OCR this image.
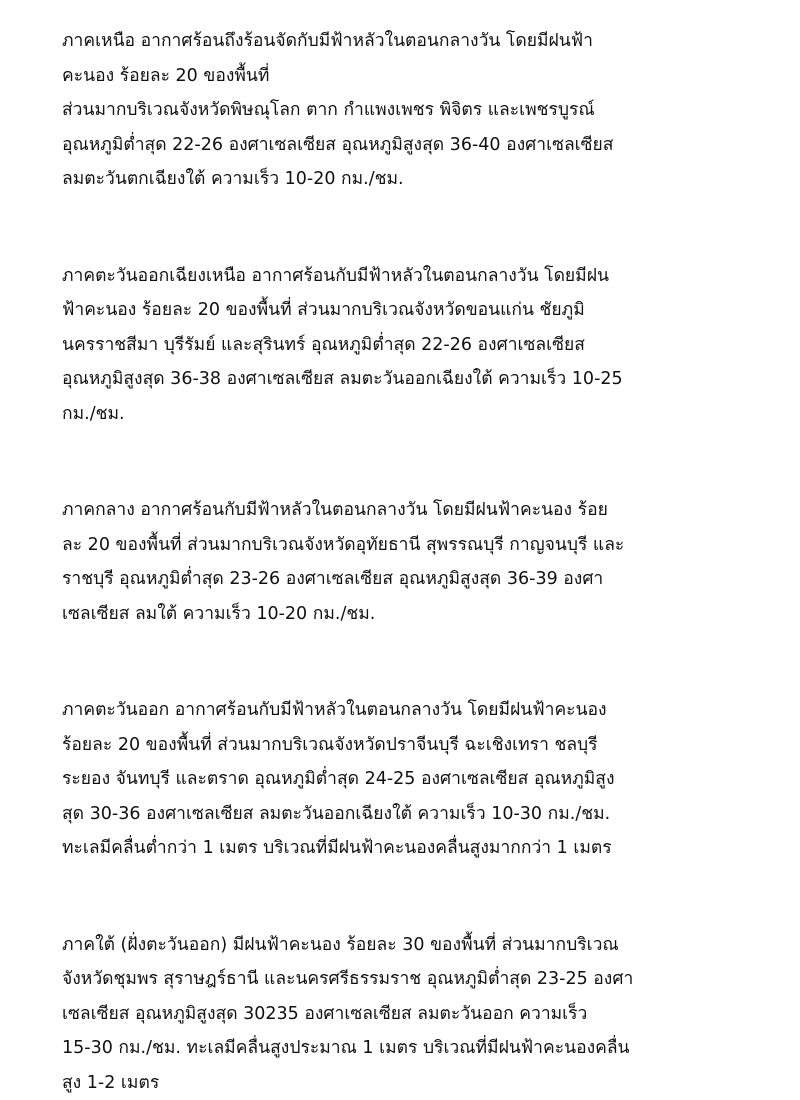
ภาคเหนือ อากาศร้อนถึงร้อนจัดกับมีฟ้าหลัวในตอนกลางวัน โดยมีฝนฟ้า
คะนอง ร้อยละ 20 ของพื้นที่
ส่วนมากบริเวณจังหวัดพิษณุโลก ตาก กำแพงเพชร พิจิตร และเพชรบูรณ์
อุณหภูมิต่ำสุด 22-26 องศาเซลเซียส อุณหภูมิสูงสุด 36-40 องศาเซลเซียส
ลมตะวันตกเฉียงใต้ ความเร็ว 10-20 กม./ชม.

ภาคตะวันออกเฉียงเหนือ อากาศร้อนกับมีฟ้าหลัวในตอนกลางวัน โดยมีฝน
ฟ้าคะนอง ร้อยละ 20 ของพื้นที่ ส่วนมากบริเวณจังหวัดขอนแก่น ชัยภูมิ
นครราชสีมา บุรีรัมย์ และสุรินทร์ อุณหภูมิต่ำสุด 22-26 องศาเซลเซียส
อุณหภูมิสูงสุด 36-38 องศาเซลเซียส ลมตะวันออกเฉียงใต้ ความเร็ว 10-25
กม./ชม.

ภาคกลาง อากาศร้อนกับมีฟ้าหลัวในตอนกลางวัน โดยมีฝนฟ้าคะนอง ร้อย
ละ 20 ของพื้นที่ ส่วนมากบริเวณจังหวัดอุทัยธานี สุพรรณบุรี กาญจนบุรี และ
ราชบุรี อุณหภูมิต่ำสุด 23-26 องศาเซลเซียส อุณหภูมิสูงสุด 36-39 องศา
เซลเซียส ลมใต้ ความเร็ว 10-20 กม./ชม.

ภาคตะวันออก อากาศร้อนกับมีฟ้าหลัวในตอนกลางวัน โดยมีฝนฟ้าคะนอง
ร้อยละ 20 ของพื้นที่ ส่วนมากบริเวณจังหวัดปราจีนบุรี ฉะเชิงเทรา ชลบุรี
ระยอง จันทบุรี และตราด อุณหภูมิต่ำสุด 24-25 องศาเซลเซียส อุณหภูมิสูง
สุด 30-36 องศาเซลเซียส ลมตะวันออกเฉียงใต้ ความเร็ว 10-30 กม./ชม.
ทะเลมีคลื่นต่ำกว่า 1 เมตร บริเวณที่มีฝนฟ้าคะนองคลื่นสูงมากกว่า 1 เมตร

ภาคใต้ (ฝั่งตะวันออก) มีฝนฟ้าคะนอง ร้อยละ 30 ของพื้นที่ ส่วนมากบริเวณ
จังหวัดชุมพร สุราษฎร์ธานี และนครศรีธรรมราช อุณหภูมิต่ำสุด 23-25 องศา
เซลเซียส อุณหภูมิสูงสุด 30235 องศาเซลเซียส ลมตะวันออก ความเร็ว
15-30 กม./ชม. ทะเลมีคลื่นสูงประมาณ 1 เมตร บริเวณที่มีฝนฟ้าคะนองคลื่น
สูง 1-2 เมตร
